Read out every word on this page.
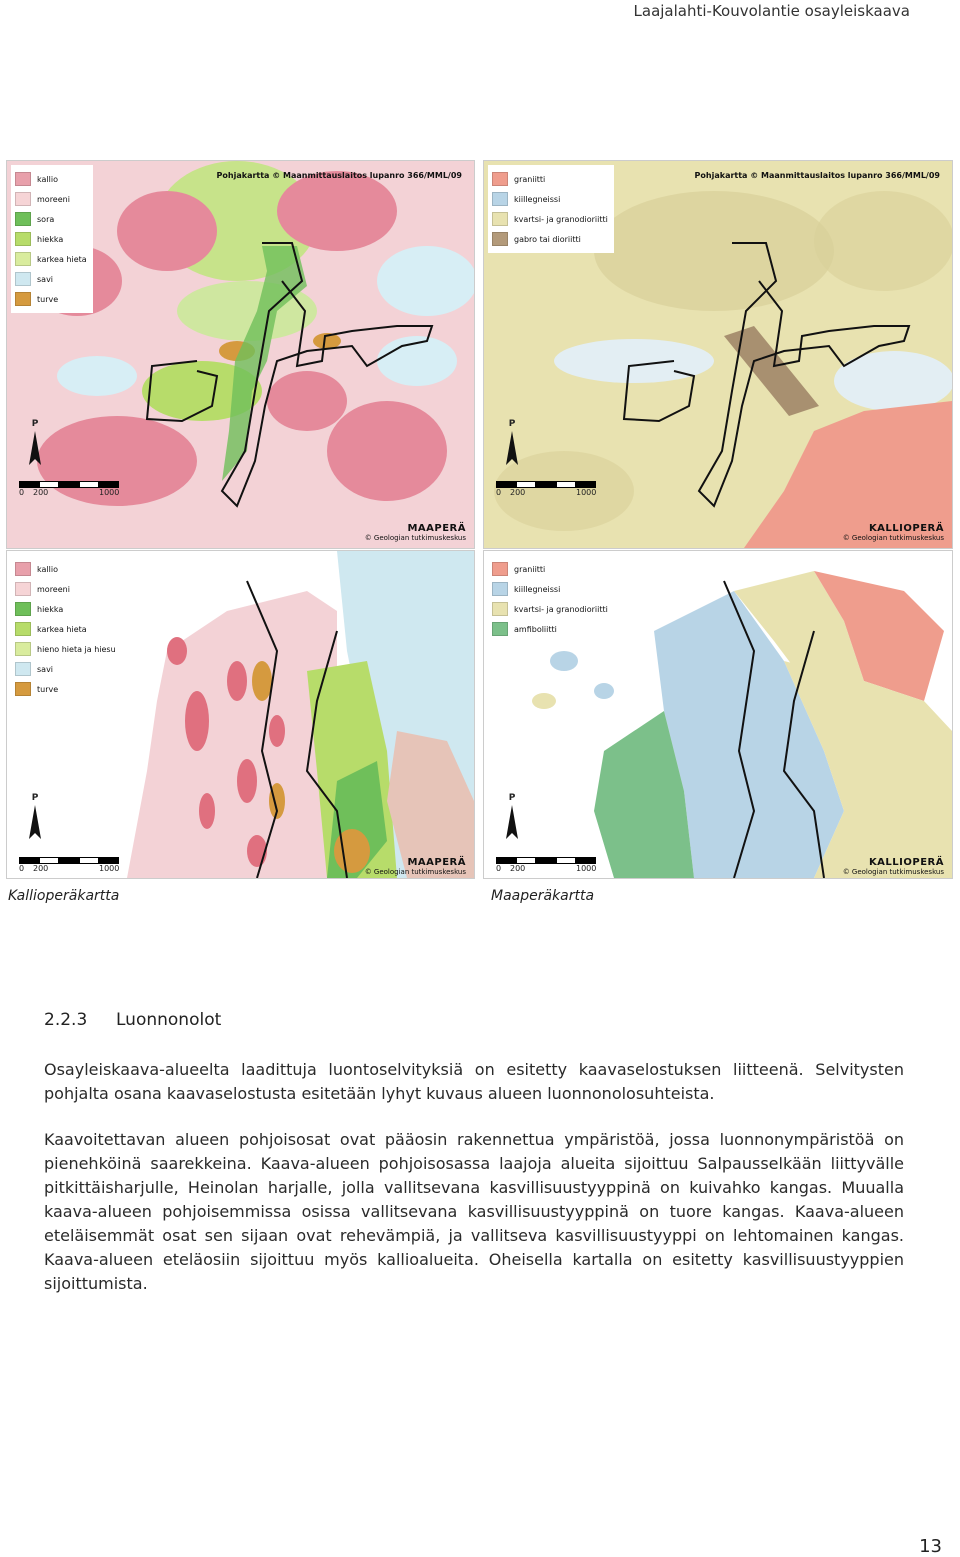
Laajalahti-Kouvolantie osayleiskaava
Pohjakartta © Maanmittauslaitos lupanro 366/MML/09
kallio
moreeni
sora
hiekka
karkea hieta
savi
turve
P
0 200	1000
MAAPERÄ
© Geologian tutkimuskeskus
Pohjakartta © Maanmittauslaitos lupanro 366/MML/09
graniitti
kiillegneissi
kvartsi- ja granodioriitti
gabro tai dioriitti
P
0 200	1000
KALLIOPERÄ
© Geologian tutkimuskeskus
kallio
moreeni
hiekka
karkea hieta
hieno hieta ja hiesu
savi
turve
P
0 200	1000
MAAPERÄ
© Geologian tutkimuskeskus
graniitti
kiillegneissi
kvartsi- ja granodioriitti
amfiboliitti
P
0 200	1000
KALLIOPERÄ
© Geologian tutkimuskeskus
Kallioperäkartta	Maaperäkartta
2.2.3 Luonnonolot
Osayleiskaava-alueelta laadittuja luontoselvityksiä on esitetty kaavaselostuksen liitteenä. Selvitysten pohjalta osana kaavaselostusta esitetään lyhyt kuvaus alueen luonnonolosuhteista.
Kaavoitettavan alueen pohjoisosat ovat pääosin rakennettua ympäristöä, jossa luonnonympäristöä on pienehköinä saarekkeina. Kaava-alueen pohjoisosassa laajoja alueita sijoittuu Salpausselkään liittyvälle pitkittäisharjulle, Heinolan harjalle, jolla vallitsevana kasvillisuustyyppinä on kuivahko kangas. Muualla kaava-alueen pohjoisemmissa osissa vallitsevana kasvillisuustyyppinä on tuore kangas. Kaava-alueen eteläisemmät osat sen sijaan ovat rehevämpiä, ja vallitseva kasvillisuustyyppi on lehtomainen kangas. Kaava-alueen eteläosiin sijoittuu myös kallioalueita. Oheisella kartalla on esitetty kasvillisuustyyppien sijoittumista.
13
